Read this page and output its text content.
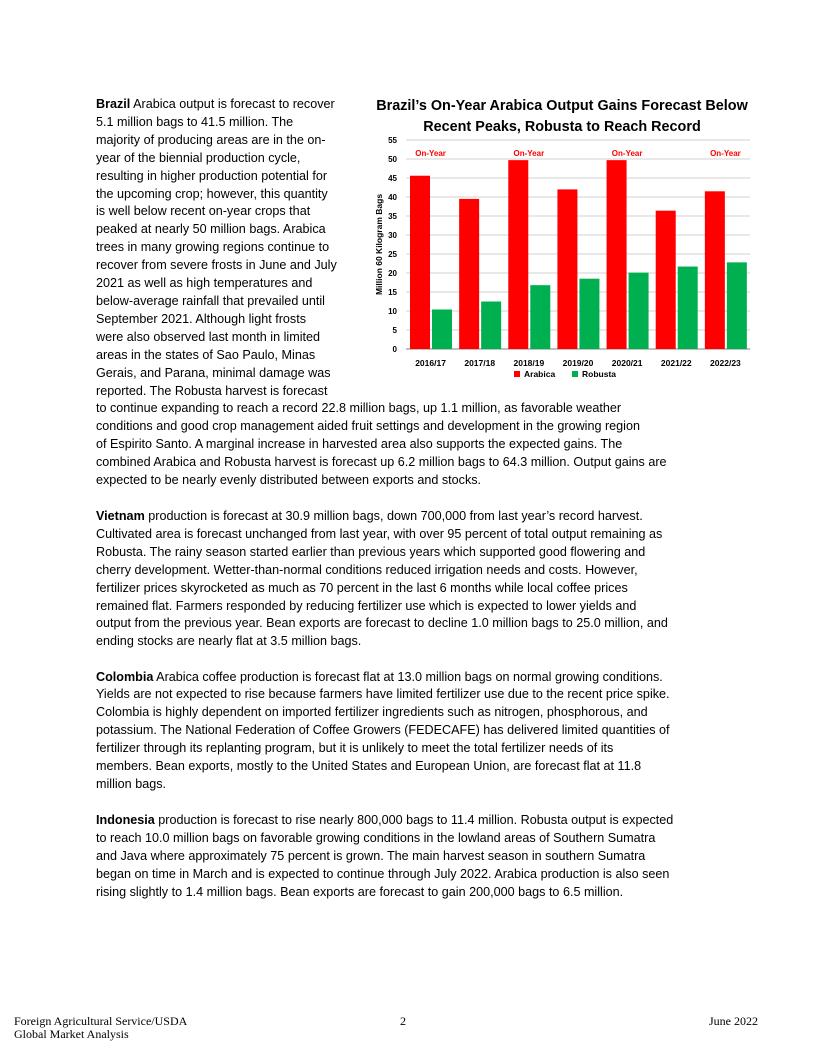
Brazil Arabica output is forecast to recover
5.1 million bags to 41.5 million. The
majority of producing areas are in the on-
year of the biennial production cycle,
resulting in higher production potential for
the upcoming crop; however, this quantity
is well below recent on-year crops that
peaked at nearly 50 million bags. Arabica
trees in many growing regions continue to
recover from severe frosts in June and July
2021 as well as high temperatures and
below-average rainfall that prevailed until
September 2021. Although light frosts
were also observed last month in limited
areas in the states of Sao Paulo, Minas
Gerais, and Parana, minimal damage was
reported. The Robusta harvest is forecast
to continue expanding to reach a record 22.8 million bags, up 1.1 million, as favorable weather
conditions and good crop management aided fruit settings and development in the growing region
of Espirito Santo. A marginal increase in harvested area also supports the expected gains. The
combined Arabica and Robusta harvest is forecast up 6.2 million bags to 64.3 million. Output gains are
expected to be nearly evenly distributed between exports and stocks.
Vietnam production is forecast at 30.9 million bags, down 700,000 from last year’s record harvest.
Cultivated area is forecast unchanged from last year, with over 95 percent of total output remaining as
Robusta. The rainy season started earlier than previous years which supported good flowering and
cherry development. Wetter-than-normal conditions reduced irrigation needs and costs. However,
fertilizer prices skyrocketed as much as 70 percent in the last 6 months while local coffee prices
remained flat. Farmers responded by reducing fertilizer use which is expected to lower yields and
output from the previous year. Bean exports are forecast to decline 1.0 million bags to 25.0 million, and
ending stocks are nearly flat at 3.5 million bags.
Colombia Arabica coffee production is forecast flat at 13.0 million bags on normal growing conditions.
Yields are not expected to rise because farmers have limited fertilizer use due to the recent price spike.
Colombia is highly dependent on imported fertilizer ingredients such as nitrogen, phosphorous, and
potassium. The National Federation of Coffee Growers (FEDECAFE) has delivered limited quantities of
fertilizer through its replanting program, but it is unlikely to meet the total fertilizer needs of its
members. Bean exports, mostly to the United States and European Union, are forecast flat at 11.8
million bags.
Indonesia production is forecast to rise nearly 800,000 bags to 11.4 million. Robusta output is expected
to reach 10.0 million bags on favorable growing conditions in the lowland areas of Southern Sumatra
and Java where approximately 75 percent is grown. The main harvest season in southern Sumatra
began on time in March and is expected to continue through July 2022. Arabica production is also seen
rising slightly to 1.4 million bags. Bean exports are forecast to gain 200,000 bags to 6.5 million.
Brazil’s On-Year Arabica Output Gains Forecast Below
Recent Peaks, Robusta to Reach Record
0
5
10
15
20
25
30
35
40
45
50
55
Million 60 Kilogram Bags
2016/17 2017/18 2018/19 2019/20 2020/21 2021/22 2022/23
On-Year	On-Year	On-Year	On-Year
Arabica	Robusta
Foreign Agricultural Service/USDA
Global Market Analysis
2	June 2022
